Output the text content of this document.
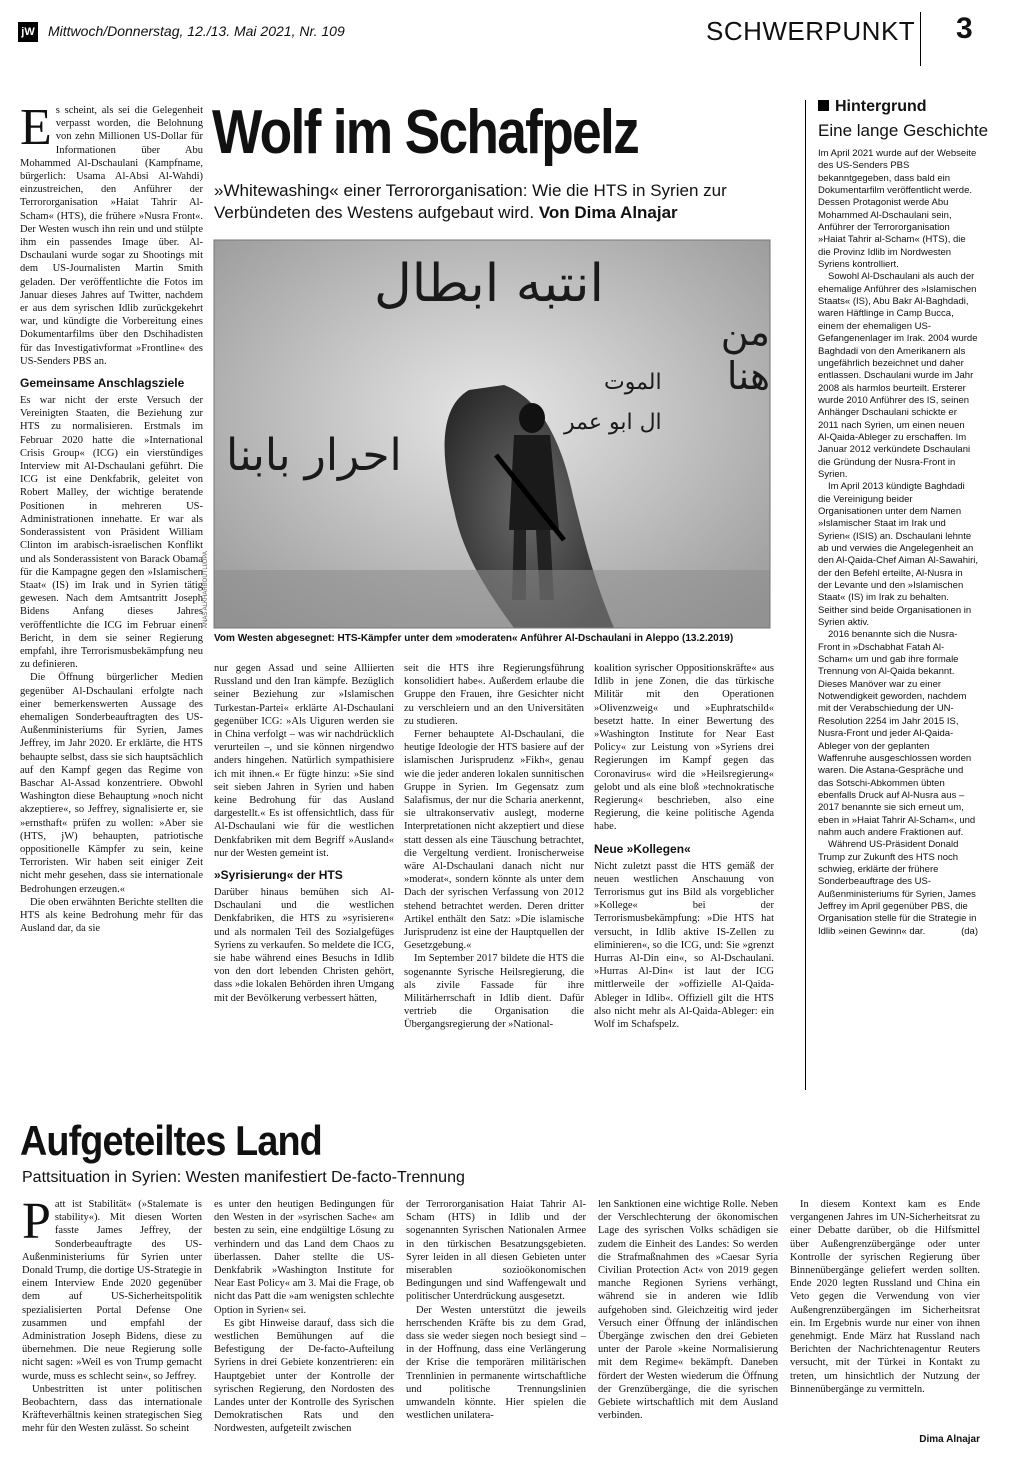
jW Mittwoch/Donnerstag, 12./13. Mai 2021, Nr. 109	SCHWERPUNKT 3

Es scheint, als sei die Gelegenheit verpasst worden, die Belohnung von zehn Millionen US-Dollar für Informationen über Abu Mohammed Al-Dschaulani (Kampfname, bürgerlich: Usama Al-Absi Al-Wahdi) einzustreichen, den Anführer der Terrororganisation »Haiat Tahrir Al-Scham« (HTS), die frühere »Nusra Front«. Der Westen wusch ihn rein und und stülpte ihm ein passendes Image über. Al-Dschaulani wurde sogar zu Shootings mit dem US-Journalisten Martin Smith geladen. Der veröffentlichte die Fotos im Januar dieses Jahres auf Twitter, nachdem er aus dem syrischen Idlib zurückgekehrt war, und kündigte die Vorbereitung eines Dokumentarfilms über den Dschihadisten für das Investigativformat »Frontline« des US-Senders PBS an.

Gemeinsame Anschlagsziele

Es war nicht der erste Versuch der Vereinigten Staaten, die Beziehung zur HTS zu normalisieren. Erstmals im Februar 2020 hatte die »International Crisis Group« (ICG) ein vierstündiges Interview mit Al-Dschaulani geführt. Die ICG ist eine Denkfabrik, geleitet von Robert Malley, der wichtige beratende Positionen in mehreren US-Administrationen innehatte. Er war als Sonderassistent von Präsident William Clinton im arabisch-israelischen Konflikt und als Sonderassistent von Barack Obama für die Kampagne gegen den »Islamischen Staat« (IS) im Irak und in Syrien tätig gewesen. Nach dem Amtsantritt Joseph Bidens Anfang dieses Jahres veröffentlichte die ICG im Februar einen Bericht, in dem sie seiner Regierung empfahl, ihre Terrorismusbekämpfung neu zu definieren.

Die Öffnung bürgerlicher Medien gegenüber Al-Dschaulani erfolgte nach einer bemerkenswerten Aussage des ehemaligen Sonderbeauftragten des US-Außenministeriums für Syrien, James Jeffrey, im Jahr 2020. Er erklärte, die HTS behaupte selbst, dass sie sich hauptsächlich auf den Kampf gegen das Regime von Baschar Al-Assad konzentriere. Obwohl Washington diese Behauptung »noch nicht akzeptiere«, so Jeffrey, signalisierte er, sie »ernsthaft« prüfen zu wollen: »Aber sie (HTS, jW) behaupten, patriotische oppositionelle Kämpfer zu sein, keine Terroristen. Wir haben seit einiger Zeit nicht mehr gesehen, dass sie internationale Bedrohungen erzeugen.«

Die oben erwähnten Berichte stellten die HTS als keine Bedrohung mehr für das Ausland dar, da sie

Wolf im Schafpelz
»Whitewashing« einer Terrororganisation: Wie die HTS in Syrien zur Verbündeten des Westens aufgebaut wird. Von Dima Alnajar
انتبه ابطال
من هنا
احرار بابنا
الموت
ال ابو عمر
ANAS ALKHARBOUTLI/DPA
Vom Westen abgesegnet: HTS-Kämpfer unter dem »moderaten« Anführer Al-Dschaulani in Aleppo (13.2.2019)

nur gegen Assad und seine Alliierten Russland und den Iran kämpfe. Bezüglich seiner Beziehung zur »Islamischen Turkestan-Partei« erklärte Al-Dschaulani gegenüber ICG: »Als Uiguren werden sie in China verfolgt – was wir nachdrücklich verurteilen –, und sie können nirgendwo anders hingehen. Natürlich sympathisiere ich mit ihnen.« Er fügte hinzu: »Sie sind seit sieben Jahren in Syrien und haben keine Bedrohung für das Ausland dargestellt.« Es ist offensichtlich, dass für Al-Dschaulani wie für die westlichen Denkfabriken mit dem Begriff »Ausland« nur der Westen gemeint ist.

»Syrisierung« der HTS

Darüber hinaus bemühen sich Al-Dschaulani und die westlichen Denkfabriken, die HTS zu »syrisieren« und als normalen Teil des Sozialgefüges Syriens zu verkaufen. So meldete die ICG, sie habe während eines Besuchs in Idlib von den dort lebenden Christen gehört, dass »die lokalen Behörden ihren Umgang mit der Bevölkerung verbessert hätten,

seit die HTS ihre Regierungsführung konsolidiert habe«. Außerdem erlaube die Gruppe den Frauen, ihre Gesichter nicht zu verschleiern und an den Universitäten zu studieren.

Ferner behauptete Al-Dschaulani, die heutige Ideologie der HTS basiere auf der islamischen Jurisprudenz »Fikh«, genau wie die jeder anderen lokalen sunnitischen Gruppe in Syrien. Im Gegensatz zum Salafismus, der nur die Scharia anerkennt, sie ultrakonservativ auslegt, moderne Interpretationen nicht akzeptiert und diese statt dessen als eine Täuschung betrachtet, die Vergeltung verdient. Ironischerweise wäre Al-Dschaulani danach nicht nur »moderat«, sondern könnte als unter dem Dach der syrischen Verfassung von 2012 stehend betrachtet werden. Deren dritter Artikel enthält den Satz: »Die islamische Jurisprudenz ist eine der Hauptquellen der Gesetzgebung.«

Im September 2017 bildete die HTS die sogenannte Syrische Heilsregierung, die als zivile Fassade für ihre Militärherrschaft in Idlib dient. Dafür vertrieb die Organisation die Übergangsregierung der »National-

koalition syrischer Oppositionskräfte« aus Idlib in jene Zonen, die das türkische Militär mit den Operationen »Olivenzweig« und »Euphratschild« besetzt hatte. In einer Bewertung des »Washington Institute for Near East Policy« zur Leistung von »Syriens drei Regierungen im Kampf gegen das Coronavirus« wird die »Heilsregierung« gelobt und als eine bloß »technokratische Regierung« beschrieben, also eine Regierung, die keine politische Agenda habe.

Neue »Kollegen«

Nicht zuletzt passt die HTS gemäß der neuen westlichen Anschauung von Terrorismus gut ins Bild als vorgeblicher »Kollege« bei der Terrorismusbekämpfung: »Die HTS hat versucht, in Idlib aktive IS-Zellen zu eliminieren«, so die ICG, und: Sie »grenzt Hurras Al-Din ein«, so Al-Dschaulani. »Hurras Al-Din« ist laut der ICG mittlerweile der »offizielle Al-Qaida-Ableger in Idlib«. Offiziell gilt die HTS also nicht mehr als Al-Qaida-Ableger: ein Wolf im Schafspelz.

Hintergrund
Eine lange Geschichte

Im April 2021 wurde auf der Webseite des US-Senders PBS bekanntgegeben, dass bald ein Dokumentarfilm veröffentlicht werde. Dessen Protagonist werde Abu Mohammed Al-Dschaulani sein, Anführer der Terrororganisation »Haiat Tahrir al-Scham« (HTS), die die Provinz Idlib im Nordwesten Syriens kontrolliert.

Sowohl Al-Dschaulani als auch der ehemalige Anführer des »Islamischen Staats« (IS), Abu Bakr Al-Baghdadi, waren Häftlinge in Camp Bucca, einem der ehemaligen US-Gefangenenlager im Irak. 2004 wurde Baghdadi von den Amerikanern als ungefährlich bezeichnet und daher entlassen. Dschaulani wurde im Jahr 2008 als harmlos beurteilt. Ersterer wurde 2010 Anführer des IS, seinen Anhänger Dschaulani schickte er 2011 nach Syrien, um einen neuen Al-Qaida-Ableger zu erschaffen. Im Januar 2012 verkündete Dschaulani die Gründung der Nusra-Front in Syrien.

Im April 2013 kündigte Baghdadi die Vereinigung beider Organisationen unter dem Namen »Islamischer Staat im Irak und Syrien« (ISIS) an. Dschaulani lehnte ab und verwies die Angelegenheit an den Al-Qaida-Chef Aiman Al-Sawahiri, der den Befehl erteilte, Al-Nusra in der Levante und den »Islamischen Staat« (IS) im Irak zu behalten. Seither sind beide Organisationen in Syrien aktiv.

2016 benannte sich die Nusra-Front in »Dschabhat Fatah Al-Scham« um und gab ihre formale Trennung von Al-Qaida bekannt. Dieses Manöver war zu einer Notwendigkeit geworden, nachdem mit der Verabschiedung der UN-Resolution 2254 im Jahr 2015 IS, Nusra-Front und jeder Al-Qaida-Ableger von der geplanten Waffenruhe ausgeschlossen worden waren. Die Astana-Gespräche und das Sotschi-Abkommen übten ebenfalls Druck auf Al-Nusra aus – 2017 benannte sie sich erneut um, eben in »Haiat Tahrir Al-Scham«, und nahm auch andere Fraktionen auf.

Während US-Präsident Donald Trump zur Zukunft des HTS noch schwieg, erklärte der frühere Sonderbeauftrage des US-Außenministeriums für Syrien, James Jeffrey im April gegenüber PBS, die Organisation stelle für die Strategie in Idlib »einen Gewinn« dar.	(da)

Aufgeteiltes Land
Pattsituation in Syrien: Westen manifestiert De-facto-Trennung

Patt ist Stabilität« (»Stalemate is stability«). Mit diesen Worten fasste James Jeffrey, der Sonderbeauftragte des US-Außenministeriums für Syrien unter Donald Trump, die dortige US-Strategie in einem Interview Ende 2020 gegenüber dem auf US-Sicherheitspolitik spezialisierten Portal Defense One zusammen und empfahl der Administration Joseph Bidens, diese zu übernehmen. Die neue Regierung solle nicht sagen: »Weil es von Trump gemacht wurde, muss es schlecht sein«, so Jeffrey.

Unbestritten ist unter politischen Beobachtern, dass das internationale Kräfteverhältnis keinen strategischen Sieg mehr für den Westen zulässt. So scheint

es unter den heutigen Bedingungen für den Westen in der »syrischen Sache« am besten zu sein, eine endgültige Lösung zu verhindern und das Land dem Chaos zu überlassen. Daher stellte die US-Denkfabrik »Washington Institute for Near East Policy« am 3. Mai die Frage, ob nicht das Patt die »am wenigsten schlechte Option in Syrien« sei.

Es gibt Hinweise darauf, dass sich die westlichen Bemühungen auf die Befestigung der De-facto-Aufteilung Syriens in drei Gebiete konzentrieren: ein Hauptgebiet unter der Kontrolle der syrischen Regierung, den Nordosten des Landes unter der Kontrolle des Syrischen Demokratischen Rats und den Nordwesten, aufgeteilt zwischen

der Terrororganisation Haiat Tahrir Al-Scham (HTS) in Idlib und der sogenannten Syrischen Nationalen Armee in den türkischen Besatzungsgebieten. Syrer leiden in all diesen Gebieten unter miserablen sozioökonomischen Bedingungen und sind Waffengewalt und politischer Unterdrückung ausgesetzt.

Der Westen unterstützt die jeweils herrschenden Kräfte bis zu dem Grad, dass sie weder siegen noch besiegt sind – in der Hoffnung, dass eine Verlängerung der Krise die temporären militärischen Trennlinien in permanente wirtschaftliche und politische Trennungslinien umwandeln könnte. Hier spielen die westlichen unilatera-

len Sanktionen eine wichtige Rolle. Neben der Verschlechterung der ökonomischen Lage des syrischen Volks schädigen sie zudem die Einheit des Landes: So werden die Strafmaßnahmen des »Caesar Syria Civilian Protection Act« von 2019 gegen manche Regionen Syriens verhängt, während sie in anderen wie Idlib aufgehoben sind. Gleichzeitig wird jeder Versuch einer Öffnung der inländischen Übergänge zwischen den drei Gebieten unter der Parole »keine Normalisierung mit dem Regime« bekämpft. Daneben fördert der Westen wiederum die Öffnung der Grenzübergänge, die die syrischen Gebiete wirtschaftlich mit dem Ausland verbinden.

In diesem Kontext kam es Ende vergangenen Jahres im UN-Sicherheitsrat zu einer Debatte darüber, ob die Hilfsmittel über Außengrenzübergänge oder unter Kontrolle der syrischen Regierung über Binnenübergänge geliefert werden sollten. Ende 2020 legten Russland und China ein Veto gegen die Verwendung von vier Außengrenzübergängen im Sicherheitsrat ein. Im Ergebnis wurde nur einer von ihnen genehmigt. Ende März hat Russland nach Berichten der Nachrichtenagentur Reuters versucht, mit der Türkei in Kontakt zu treten, um hinsichtlich der Nutzung der Binnenübergänge zu vermitteln.

Dima Alnajar
